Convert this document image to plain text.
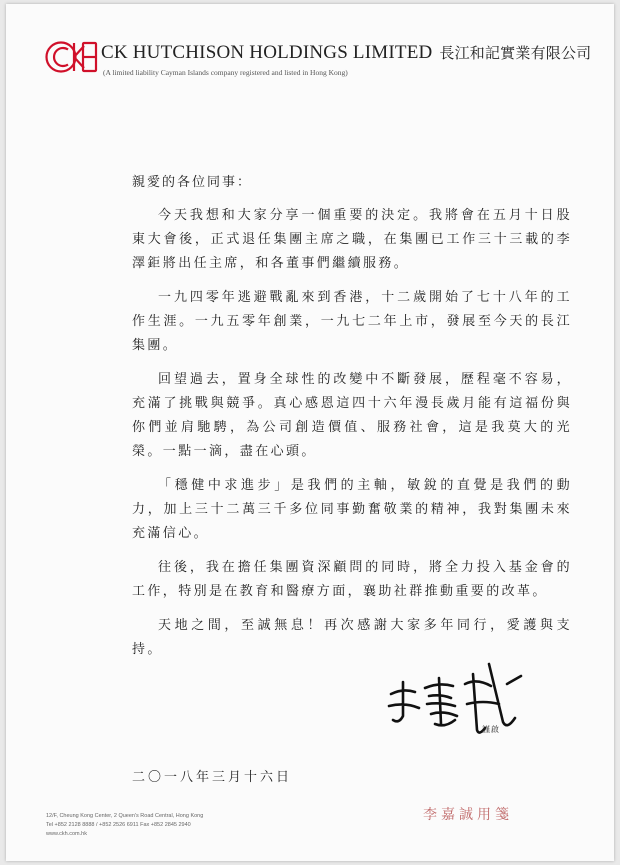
CK HUTCHISON HOLDINGS LIMITED 長江和記實業有限公司
(A limited liability Cayman Islands company registered and listed in Hong Kong)

親愛的各位同事：

今天我想和大家分享一個重要的決定。我將會在五月十日股東大會後，正式退任集團主席之職，在集團已工作三十三載的李澤鉅將出任主席，和各董事們繼續服務。

一九四零年逃避戰亂來到香港，十二歲開始了七十八年的工作生涯。一九五零年創業，一九七二年上市，發展至今天的長江集團。

回望過去，置身全球性的改變中不斷發展，歷程毫不容易，充滿了挑戰與競爭。真心感恩這四十六年漫長歲月能有這福份與你們並肩馳騁，為公司創造價值、服務社會，這是我莫大的光榮。一點一滴，盡在心頭。

「穩健中求進步」是我們的主軸，敏銳的直覺是我們的動力，加上三十二萬三千多位同事勤奮敬業的精神，我對集團未來充滿信心。

往後，我在擔任集團資深顧問的同時，將全力投入基金會的工作，特別是在教育和醫療方面，襄助社群推動重要的改革。

天地之間，至誠無息！再次感謝大家多年同行，愛護與支持。

謹啟
二〇一八年三月十六日
12/F, Cheung Kong Center, 2 Queen's Road Central, Hong Kong
Tel +852 2128 8888 / +852 2526 6911 Fax +852 2845 2940
www.ckh.com.hk
李嘉誠用箋
